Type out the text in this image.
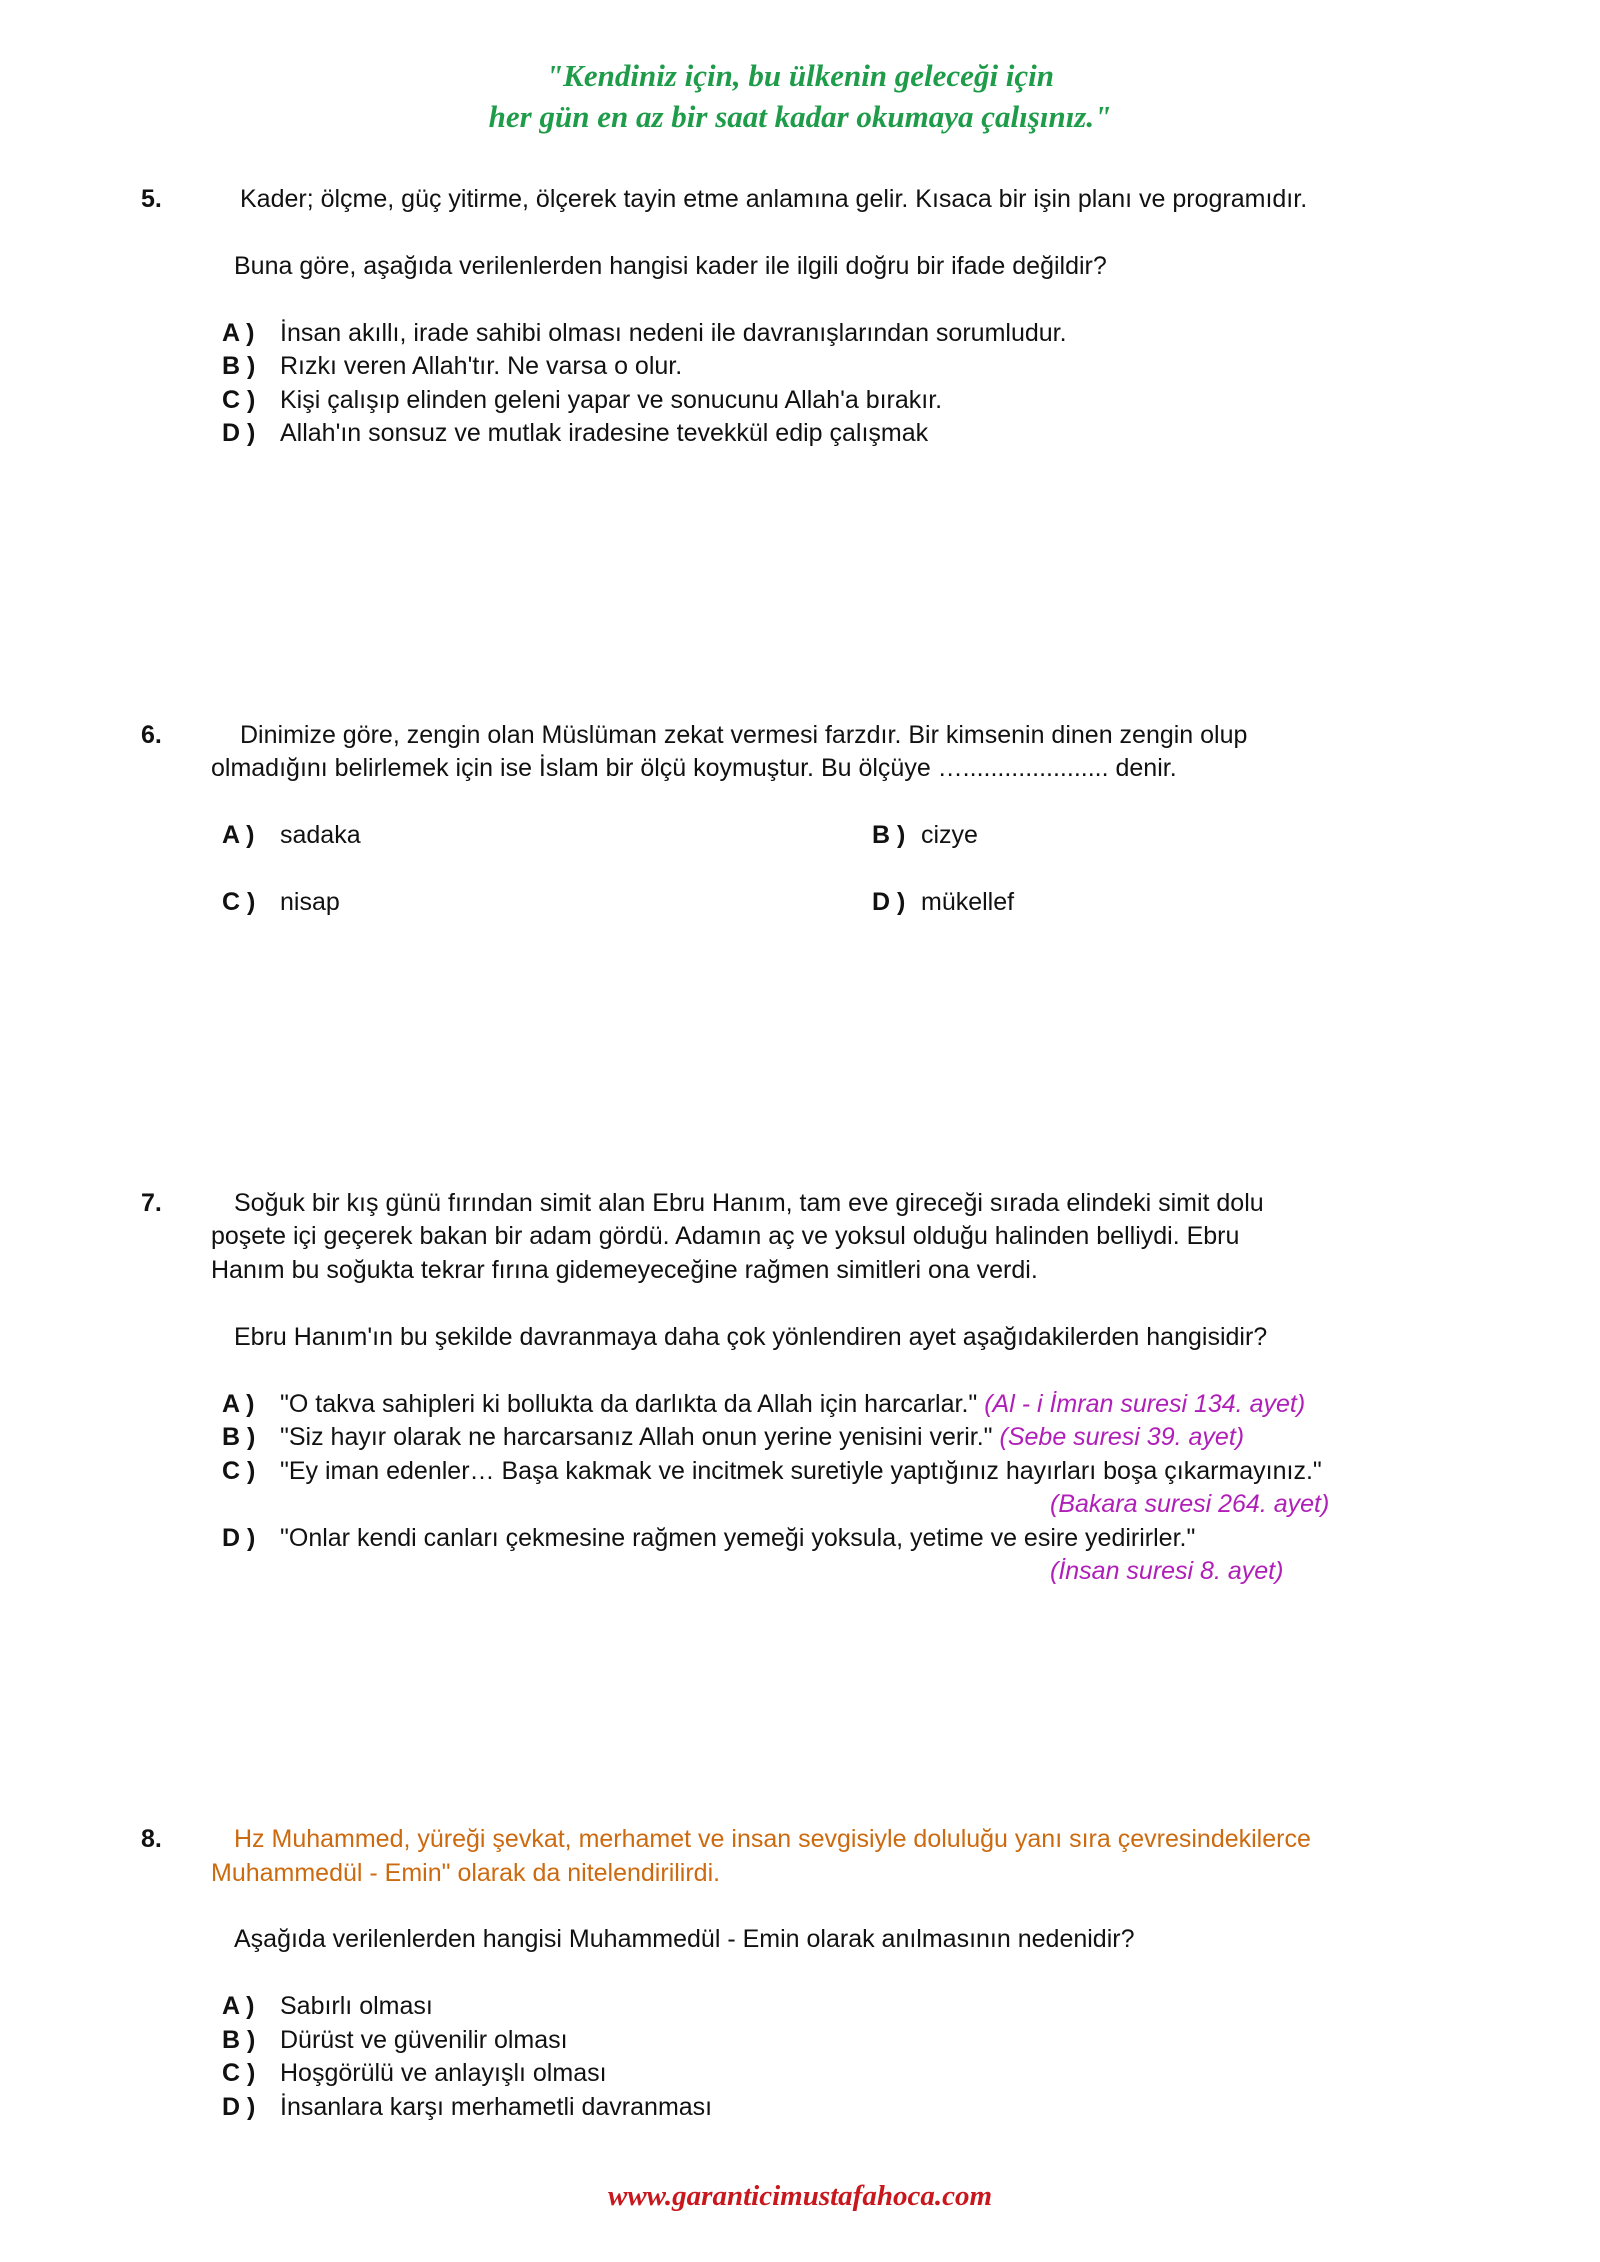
"Kendiniz için, bu ülkenin geleceği için
her gün en az bir saat kadar okumaya çalışınız."
5.	Kader; ölçme, güç yitirme, ölçerek tayin etme anlamına gelir. Kısaca bir işin planı ve programıdır.
Buna göre, aşağıda verilenlerden hangisi kader ile ilgili doğru bir ifade değildir?
A ) İnsan akıllı, irade sahibi olması nedeni ile davranışlarından sorumludur.
B ) Rızkı veren Allah'tır. Ne varsa o olur.
C ) Kişi çalışıp elinden geleni yapar ve sonucunu Allah'a bırakır.
D ) Allah'ın sonsuz ve mutlak iradesine tevekkül edip çalışmak
6.	Dinimize göre, zengin olan Müslüman zekat vermesi farzdır. Bir kimsenin dinen zengin olup
olmadığını belirlemek için ise İslam bir ölçü koymuştur. Bu ölçüye …..................... denir.
A ) sadaka	B ) cizye
C ) nisap	D ) mükellef
7.	Soğuk bir kış günü fırından simit alan Ebru Hanım, tam eve gireceği sırada elindeki simit dolu
poşete içi geçerek bakan bir adam gördü. Adamın aç ve yoksul olduğu halinden belliydi. Ebru
Hanım bu soğukta tekrar fırına gidemeyeceğine rağmen simitleri ona verdi.
Ebru Hanım'ın bu şekilde davranmaya daha çok yönlendiren ayet aşağıdakilerden hangisidir?
A ) "O takva sahipleri ki bollukta da darlıkta da Allah için harcarlar." (Al - i İmran suresi 134. ayet)
B ) "Siz hayır olarak ne harcarsanız Allah onun yerine yenisini verir." (Sebe suresi 39. ayet)
C ) "Ey iman edenler… Başa kakmak ve incitmek suretiyle yaptığınız hayırları boşa çıkarmayınız."
(Bakara suresi 264. ayet)
D ) "Onlar kendi canları çekmesine rağmen yemeği yoksula, yetime ve esire yedirirler."
(İnsan suresi 8. ayet)
8.	Hz Muhammed, yüreği şevkat, merhamet ve insan sevgisiyle doluluğu yanı sıra çevresindekilerce
Muhammedül - Emin" olarak da nitelendirilirdi.
Aşağıda verilenlerden hangisi Muhammedül - Emin olarak anılmasının nedenidir?
A ) Sabırlı olması
B ) Dürüst ve güvenilir olması
C ) Hoşgörülü ve anlayışlı olması
D ) İnsanlara karşı merhametli davranması
www.garanticimustafahoca.com
